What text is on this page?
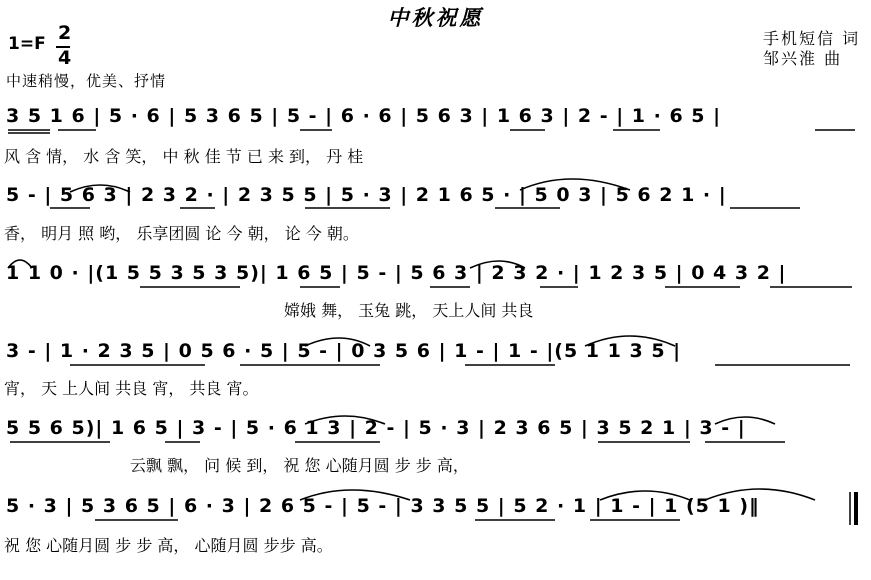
中秋祝愿
1=F 2
4
手机短信 词
邹兴淮 曲
中速稍慢，优美、抒情
3 5 1 6 | 5 · 6 | 5 3 6 5 | 5 - | 6 · 6 | 5 6 3 | 1 6 3 | 2 - | 1 · 6 5 |
风 含 情， 水 含 笑， 中 秋 佳 节 已 来 到， 丹 桂
5 - | 5 6 3 | 2 3 2 · | 2 3 5 5 | 5 · 3 | 2 1 6 5 · | 5 0 3 | 5 6 2 1 · |
香， 明月 照 哟， 乐享团圆 论 今 朝， 论 今 朝。
1 1 0 · |(1 5 5 3 5 3 5)| 1 6 5 | 5 - | 5 6 3 | 2 3 2 · | 1 2 3 5 | 0 4 3 2 |
嫦娥 舞， 玉兔 跳， 天上人间 共良
3 - | 1 · 2 3 5 | 0 5 6 · 5 | 5 - | 0 3 5 6 | 1 - | 1 - |(5 1 1 3 5 |
宵， 天 上人间 共良 宵， 共良 宵。
5 5 6 5)| 1 6 5 | 3 - | 5 · 6 1 3 | 2 - | 5 · 3 | 2 3 6 5 | 3 5 2 1 | 3 - |
云飘 飘， 问 候 到， 祝 您 心随月圆 步 步 高，
5 · 3 | 5 3 6 5 | 6 · 3 | 2 6 5 - | 5 - | 3 3 5 5 | 5 2 · 1 | 1 - | 1 (5 1 )‖
祝 您 心随月圆 步 步 高， 心随月圆 步步 高。
